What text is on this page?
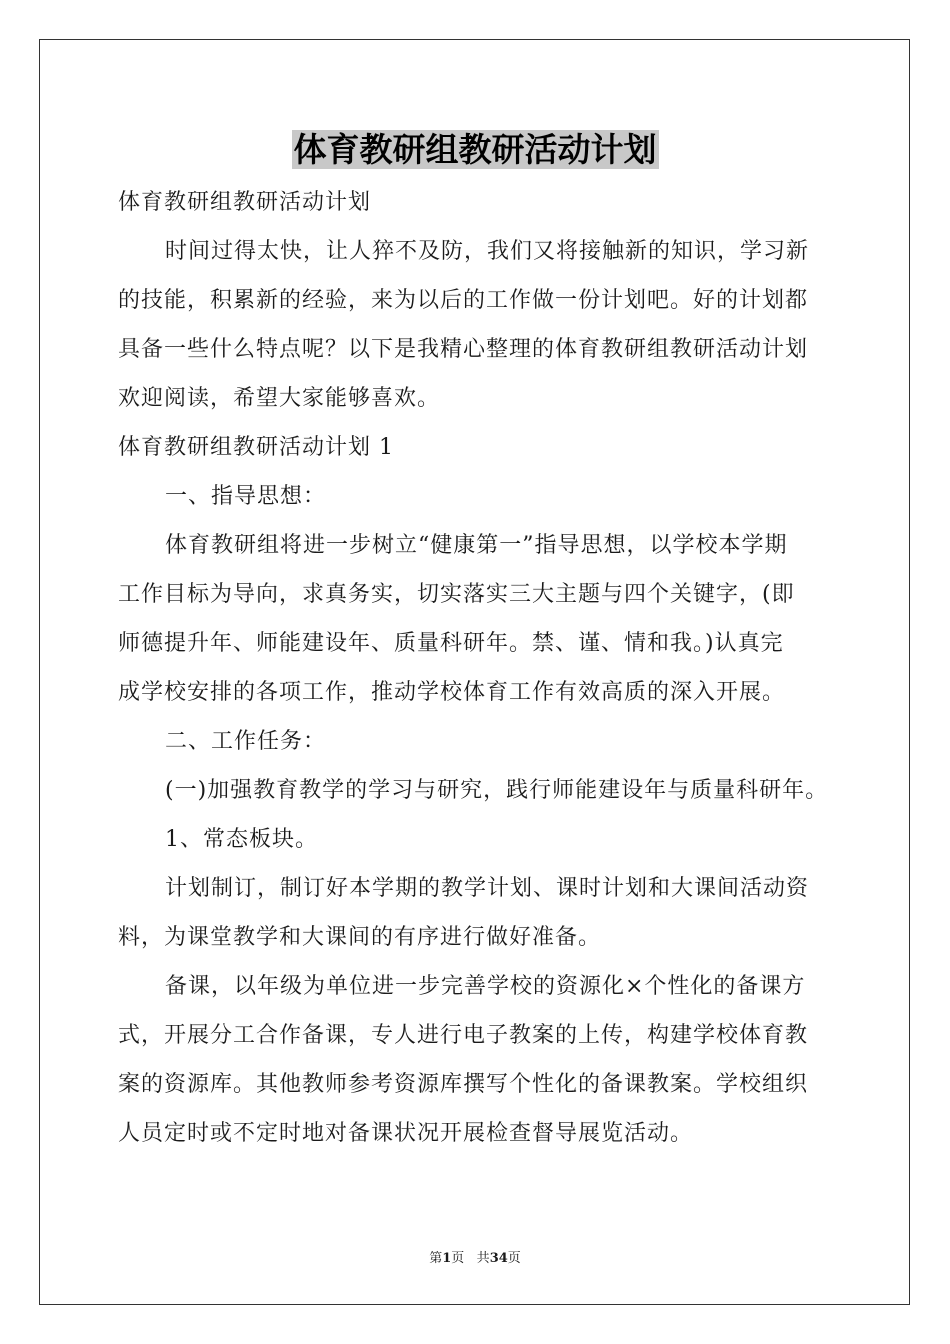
体育教研组教研活动计划
体育教研组教研活动计划
时间过得太快，让人猝不及防，我们又将接触新的知识，学习新
的技能，积累新的经验，来为以后的工作做一份计划吧。好的计划都
具备一些什么特点呢？以下是我精心整理的体育教研组教研活动计划
欢迎阅读，希望大家能够喜欢。
体育教研组教研活动计划 1
一、指导思想：
体育教研组将进一步树立“健康第一”指导思想，以学校本学期
工作目标为导向，求真务实，切实落实三大主题与四个关键字，(即
师德提升年、师能建设年、质量科研年。禁、谨、情和我。)认真完
成学校安排的各项工作，推动学校体育工作有效高质的深入开展。
二、工作任务：
(一)加强教育教学的学习与研究，践行师能建设年与质量科研年。
1、常态板块。
计划制订，制订好本学期的教学计划、课时计划和大课间活动资
料，为课堂教学和大课间的有序进行做好准备。
备课，以年级为单位进一步完善学校的资源化×个性化的备课方
式，开展分工合作备课，专人进行电子教案的上传，构建学校体育教
案的资源库。其他教师参考资源库撰写个性化的备课教案。学校组织
人员定时或不定时地对备课状况开展检查督导展览活动。
第1页 共34页
